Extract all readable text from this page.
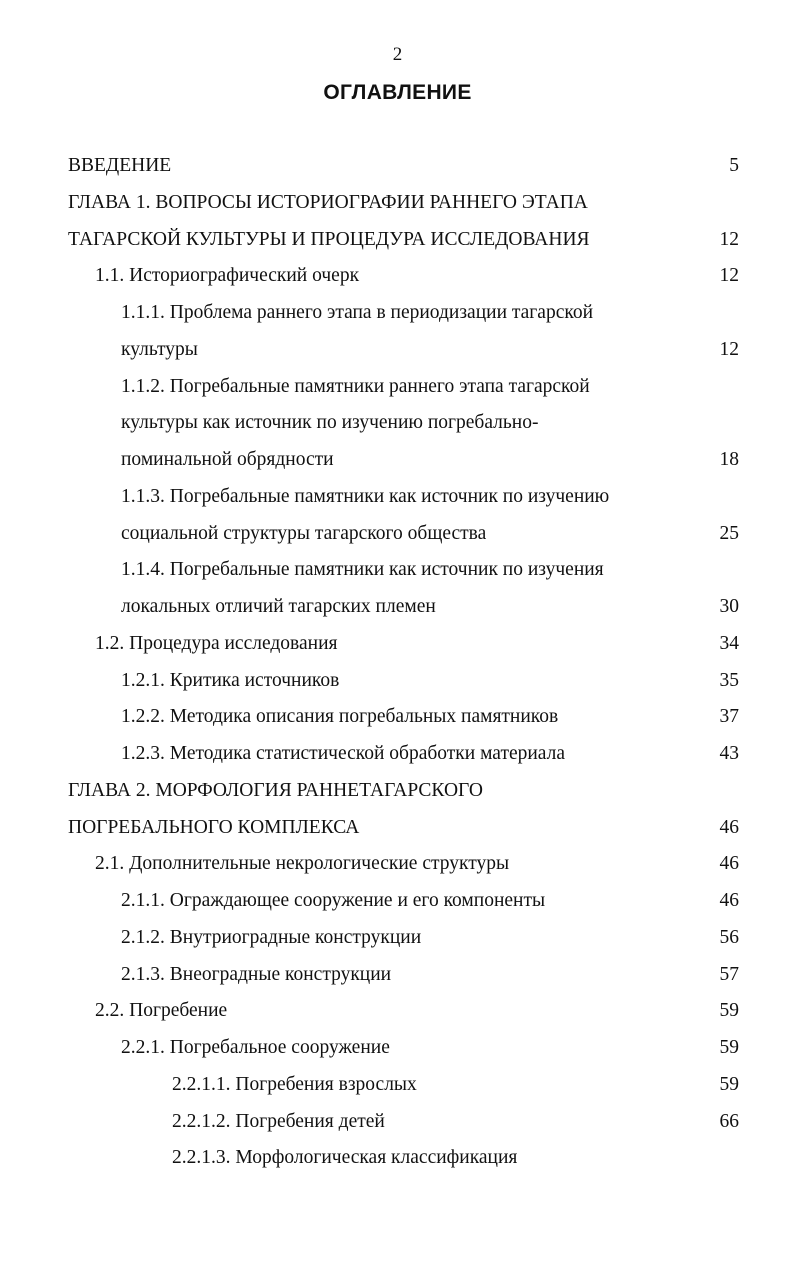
2
ОГЛАВЛЕНИЕ
ВВЕДЕНИЕ	5
ГЛАВА 1. ВОПРОСЫ ИСТОРИОГРАФИИ РАННЕГО ЭТАПА
ТАГАРСКОЙ КУЛЬТУРЫ И ПРОЦЕДУРА ИССЛЕДОВАНИЯ	12
1.1. Историографический очерк	12
1.1.1. Проблема раннего этапа в периодизации тагарской
культуры	12
1.1.2. Погребальные памятники раннего этапа тагарской
культуры как источник по изучению погребально-
поминальной обрядности	18
1.1.3. Погребальные памятники как источник по изучению
социальной структуры тагарского общества	25
1.1.4. Погребальные памятники как источник по изучения
локальных отличий тагарских племен	30
1.2. Процедура исследования	34
1.2.1. Критика источников	35
1.2.2. Методика описания погребальных памятников	37
1.2.3. Методика статистической обработки материала	43
ГЛАВА 2. МОРФОЛОГИЯ РАННЕТАГАРСКОГО
ПОГРЕБАЛЬНОГО КОМПЛЕКСА	46
2.1. Дополнительные некрологические структуры	46
2.1.1. Ограждающее сооружение и его компоненты	46
2.1.2. Внутриоградные конструкции	56
2.1.3. Внеоградные конструкции	57
2.2. Погребение	59
2.2.1. Погребальное сооружение	59
2.2.1.1. Погребения взрослых	59
2.2.1.2. Погребения детей	66
2.2.1.3. Морфологическая классификация
